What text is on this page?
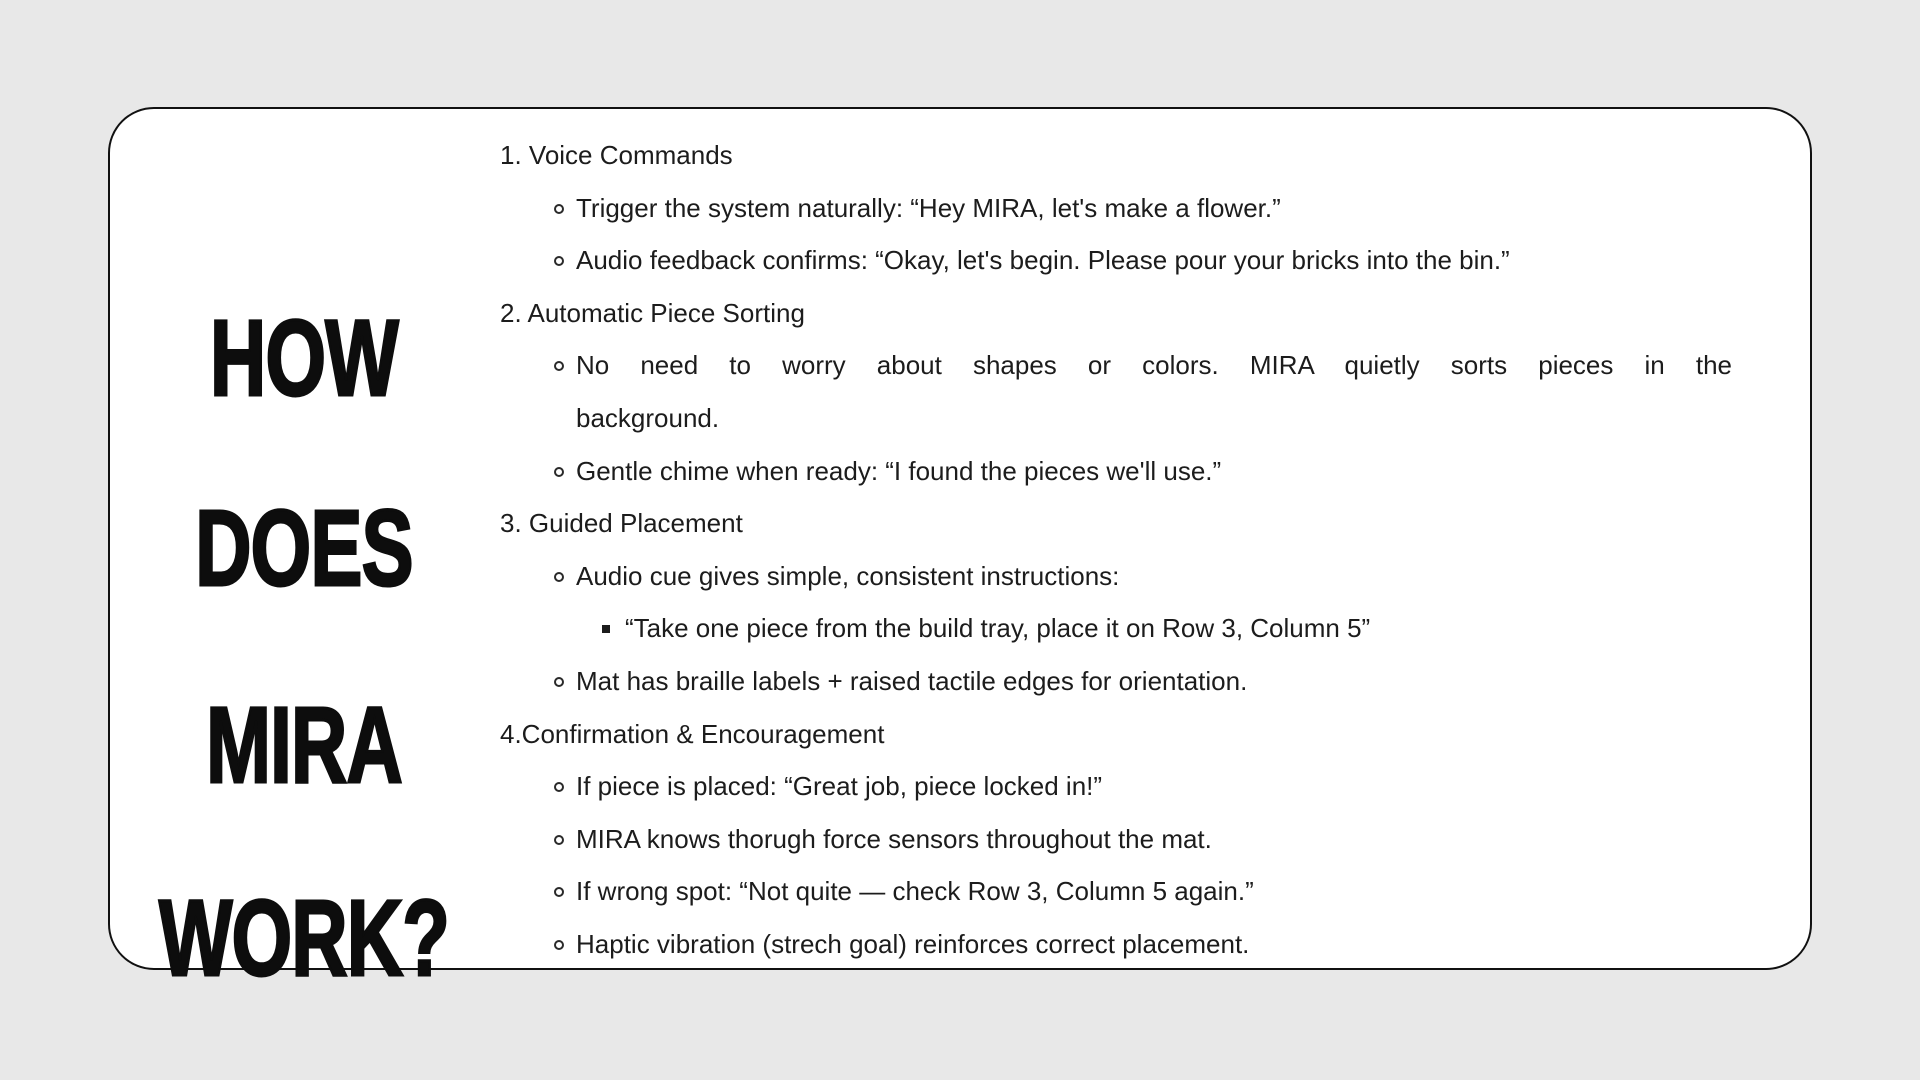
HOW
DOES
MIRA
WORK?
1. Voice Commands
Trigger the system naturally: “Hey MIRA, let's make a flower.”
Audio feedback confirms: “Okay, let's begin. Please pour your bricks into the bin.”
2. Automatic Piece Sorting
No need to worry about shapes or colors. MIRA quietly sorts pieces in the
background.
Gentle chime when ready: “I found the pieces we'll use.”
3. Guided Placement
Audio cue gives simple, consistent instructions:
“Take one piece from the build tray, place it on Row 3, Column 5”
Mat has braille labels + raised tactile edges for orientation.
4.Confirmation & Encouragement
If piece is placed: “Great job, piece locked in!”
MIRA knows thorugh force sensors throughout the mat.
If wrong spot: “Not quite — check Row 3, Column 5 again.”
Haptic vibration (strech goal) reinforces correct placement.
